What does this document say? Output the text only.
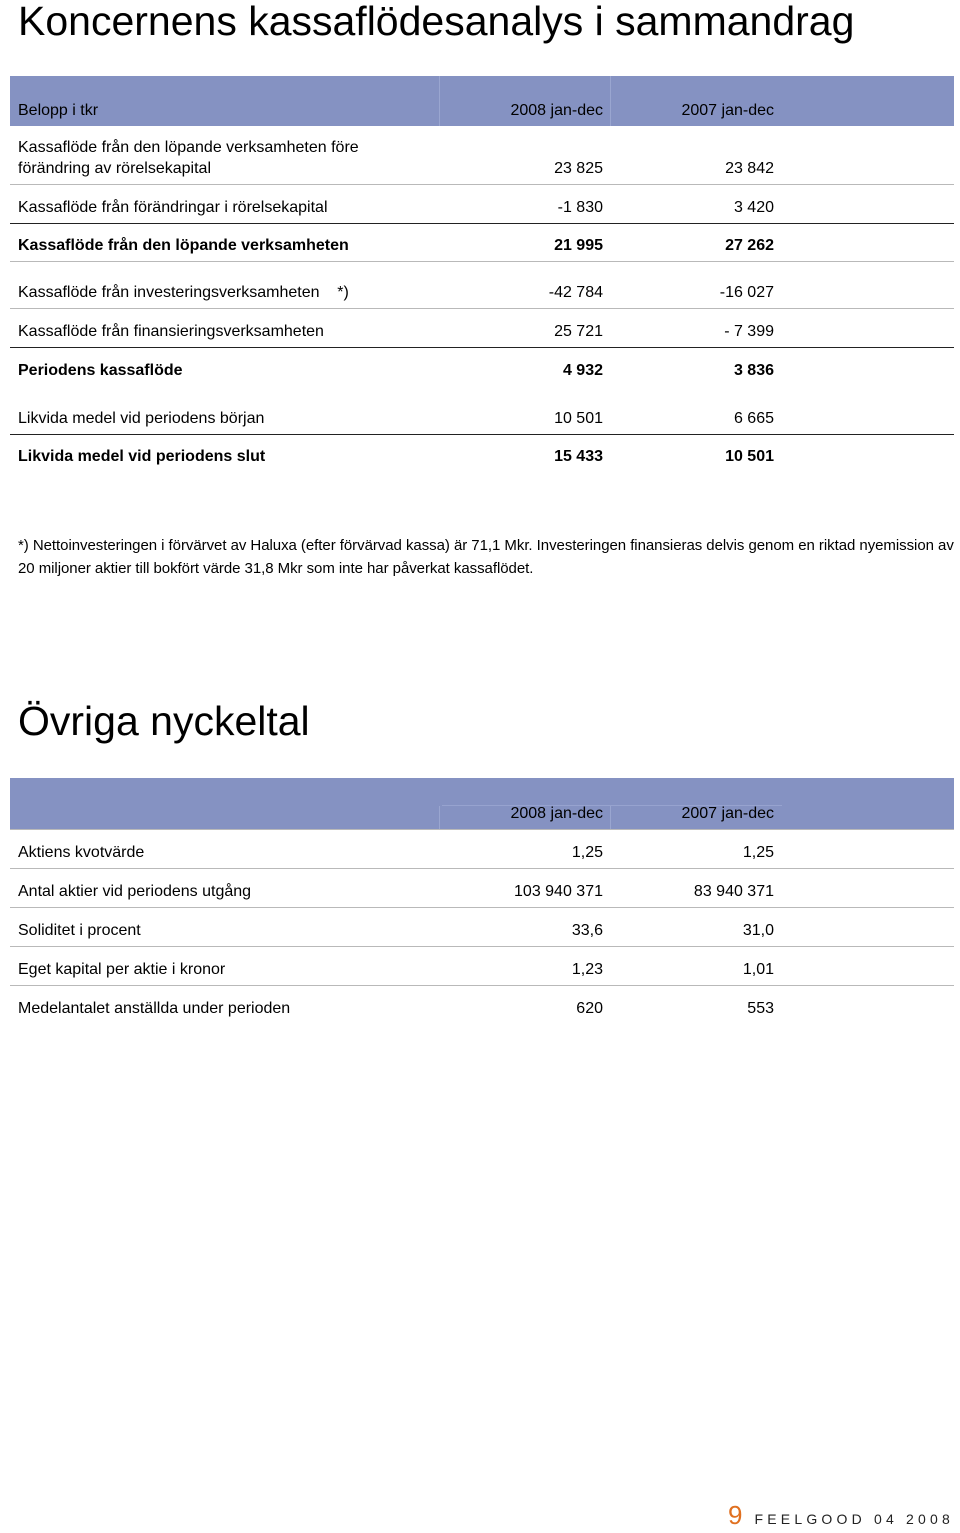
Koncernens kassaflödesanalys i sammandrag
Belopp i tkr	2008 jan-dec	2007 jan-dec
Kassaflöde från den löpande verksamheten före
förändring av rörelsekapital	23 825	23 842
Kassaflöde från förändringar i rörelsekapital	-1 830	3 420
Kassaflöde från den löpande verksamheten	21 995	27 262
Kassaflöde från investeringsverksamheten    *)	-42 784	-16 027
Kassaflöde från finansieringsverksamheten	25 721	- 7 399
Periodens kassaflöde	4 932	3 836
Likvida medel vid periodens början	10 501	6 665
Likvida medel vid periodens slut	15 433	10 501

*) Nettoinvesteringen i förvärvet av Haluxa (efter förvärvad kassa) är 71,1 Mkr. Investeringen finansieras delvis genom en riktad nyemission av 20 miljoner aktier till bokfört värde 31,8 Mkr som inte har påverkat kassaflödet.

Övriga nyckeltal
2008 jan-dec	2007 jan-dec
Aktiens kvotvärde	1,25	1,25
Antal aktier vid periodens utgång	103 940 371	83 940 371
Soliditet i procent	33,6	31,0
Eget kapital per aktie i kronor	1,23	1,01
Medelantalet anställda under perioden	620	553
9 FEELGOOD 04 2008
